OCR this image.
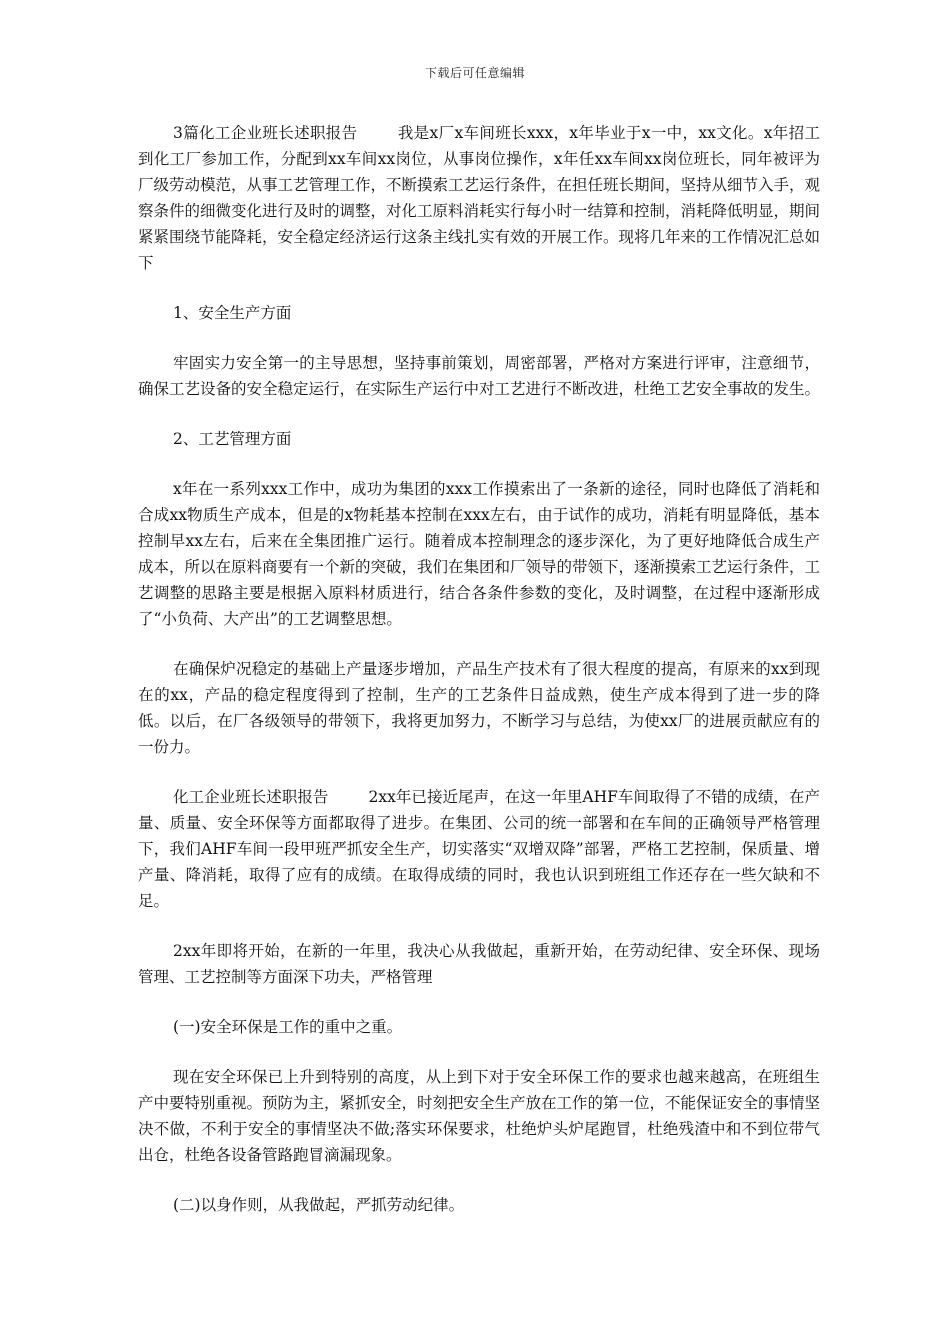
下载后可任意编辑

3篇化工企业班长述职报告	我是x厂x车间班长xxx，x年毕业于x一中，xx文化。x年招工到化工厂参加工作，分配到xx车间xx岗位，从事岗位操作，x年任xx车间xx岗位班长，同年被评为厂级劳动模范，从事工艺管理工作，不断摸索工艺运行条件，在担任班长期间，坚持从细节入手，观察条件的细微变化进行及时的调整，对化工原料消耗实行每小时一结算和控制，消耗降低明显，期间紧紧围绕节能降耗，安全稳定经济运行这条主线扎实有效的开展工作。现将几年来的工作情况汇总如下

1、安全生产方面

牢固实力安全第一的主导思想，坚持事前策划，周密部署，严格对方案进行评审，注意细节，确保工艺设备的安全稳定运行，在实际生产运行中对工艺进行不断改进，杜绝工艺安全事故的发生。

2、工艺管理方面

x年在一系列xxx工作中，成功为集团的xxx工作摸索出了一条新的途径，同时也降低了消耗和合成xx物质生产成本，但是的x物耗基本控制在xxx左右，由于试作的成功，消耗有明显降低，基本控制早xx左右，后来在全集团推广运行。随着成本控制理念的逐步深化，为了更好地降低合成生产成本，所以在原料商要有一个新的突破，我们在集团和厂领导的带领下，逐渐摸索工艺运行条件，工艺调整的思路主要是根据入原料材质进行，结合各条件参数的变化，及时调整，在过程中逐渐形成了“小负荷、大产出”的工艺调整思想。

在确保炉况稳定的基础上产量逐步增加，产品生产技术有了很大程度的提高，有原来的xx到现在的xx，产品的稳定程度得到了控制，生产的工艺条件日益成熟，使生产成本得到了进一步的降低。以后，在厂各级领导的带领下，我将更加努力，不断学习与总结，为使xx厂的进展贡献应有的一份力。

化工企业班长述职报告	2xx年已接近尾声，在这一年里AHF车间取得了不错的成绩，在产量、质量、安全环保等方面都取得了进步。在集团、公司的统一部署和在车间的正确领导严格管理下，我们AHF车间一段甲班严抓安全生产，切实落实“双增双降”部署，严格工艺控制，保质量、增产量、降消耗，取得了应有的成绩。在取得成绩的同时，我也认识到班组工作还存在一些欠缺和不足。

2xx年即将开始，在新的一年里，我决心从我做起，重新开始，在劳动纪律、安全环保、现场管理、工艺控制等方面深下功夫，严格管理

(一)安全环保是工作的重中之重。

现在安全环保已上升到特别的高度，从上到下对于安全环保工作的要求也越来越高，在班组生产中要特别重视。预防为主，紧抓安全，时刻把安全生产放在工作的第一位，不能保证安全的事情坚决不做，不利于安全的事情坚决不做;落实环保要求，杜绝炉头炉尾跑冒，杜绝残渣中和不到位带气出仓，杜绝各设备管路跑冒滴漏现象。

(二)以身作则，从我做起，严抓劳动纪律。
